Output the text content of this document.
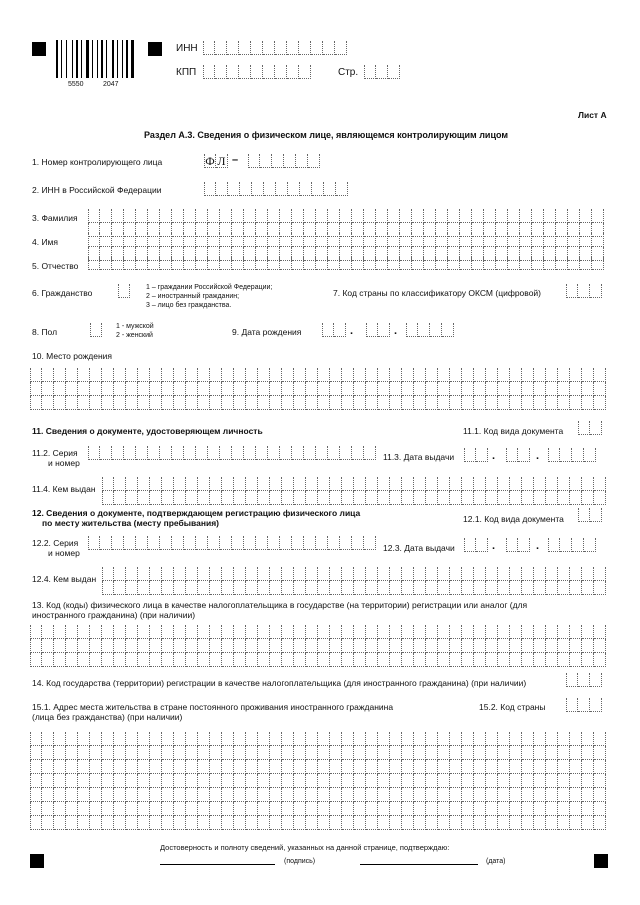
5550	2047
ИНН
КПП	Стр.
Лист А
Раздел А.3. Сведения о физическом лице, являющемся контролирующим лицом
1. Номер контролирующего лица	Ф Л –
2. ИНН в Российской Федерации
3. Фамилия
4. Имя
5. Отчество
6. Гражданство
1 – граждании Российской Федерации;
2 – иностранный гражданин;
3 – лицо без гражданства.
7. Код страны по классификатору ОКСМ (цифровой)
8. Пол
1 - мужской
2 - женский	9. Дата рождения	.	.
10. Место рождения
11. Сведения о документе, удостоверяющем личность	11.1. Код вида документа
11.2. Серия
и номер
11.3. Дата выдачи	.	.
11.4. Кем выдан
12. Сведения о документе, подтверждающем регистрацию физического лица
по месту жительства (месту пребывания)	12.1. Код вида документа
12.2. Серия
и номер	12.3. Дата выдачи	.	.
12.4. Кем выдан
13. Код (коды) физического лица в качестве налогоплательщика в государстве (на территории) регистрации или аналог (для
иностранного гражданина) (при наличии)
14. Код государства (территории) регистрации в качестве налогоплательщика (для иностранного гражданина) (при наличии)
15.1. Адрес места жительства в стране постоянного проживания иностранного гражданина
(лица без гражданства) (при наличии)
15.2. Код страны
Достоверность и полноту сведений, указанных на данной странице, подтверждаю:
(подпись)	(дата)
